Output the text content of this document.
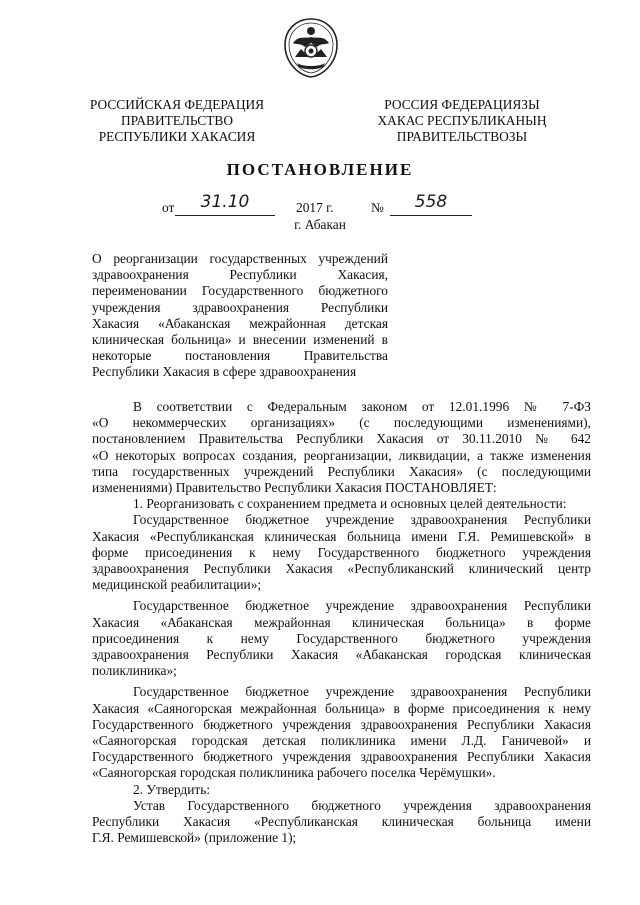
РОССИЙСКАЯ ФЕДЕРАЦИЯ
ПРАВИТЕЛЬСТВО
РЕСПУБЛИКИ ХАКАСИЯ
РОССИЯ ФЕДЕРАЦИЯЗЫ
ХАКАС РЕСПУБЛИКАНЫҢ
ПРАВИТЕЛЬСТВОЗЫ
ПОСТАНОВЛЕНИЕ
от	31.10	2017 г.	№	558
г. Абакан
О реорганизации государственных учреждений
здравоохранения Республики Хакасия,
переименовании Государственного бюджетного
учреждения здравоохранения Республики
Хакасия «Абаканская межрайонная детская
клиническая больница» и внесении изменений в
некоторые постановления Правительства
Республики Хакасия в сфере здравоохранения

В соответствии с Федеральным законом от 12.01.1996 № 7-ФЗ
«О некоммерческих организациях» (с последующими изменениями),
постановлением Правительства Республики Хакасия от 30.11.2010 № 642
«О некоторых вопросах создания, реорганизации, ликвидации, а также изменения
типа государственных учреждений Республики Хакасия» (с последующими
изменениями) Правительство Республики Хакасия ПОСТАНОВЛЯЕТ:

1. Реорганизовать с сохранением предмета и основных целей деятельности:

Государственное бюджетное учреждение здравоохранения Республики
Хакасия «Республиканская клиническая больница имени Г.Я. Ремишевской» в
форме присоединения к нему Государственного бюджетного учреждения
здравоохранения Республики Хакасия «Республиканский клинический центр
медицинской реабилитации»;

Государственное бюджетное учреждение здравоохранения Республики
Хакасия «Абаканская межрайонная клиническая больница» в форме
присоединения к нему Государственного бюджетного учреждения
здравоохранения Республики Хакасия «Абаканская городская клиническая
поликлиника»;

Государственное бюджетное учреждение здравоохранения Республики
Хакасия «Саяногорская межрайонная больница» в форме присоединения к нему
Государственного бюджетного учреждения здравоохранения Республики Хакасия
«Саяногорская городская детская поликлиника имени Л.Д. Ганичевой» и
Государственного бюджетного учреждения здравоохранения Республики Хакасия
«Саяногорская городская поликлиника рабочего поселка Черёмушки».

2. Утвердить:

Устав Государственного бюджетного учреждения здравоохранения
Республики Хакасия «Республиканская клиническая больница имени
Г.Я. Ремишевской» (приложение 1);
